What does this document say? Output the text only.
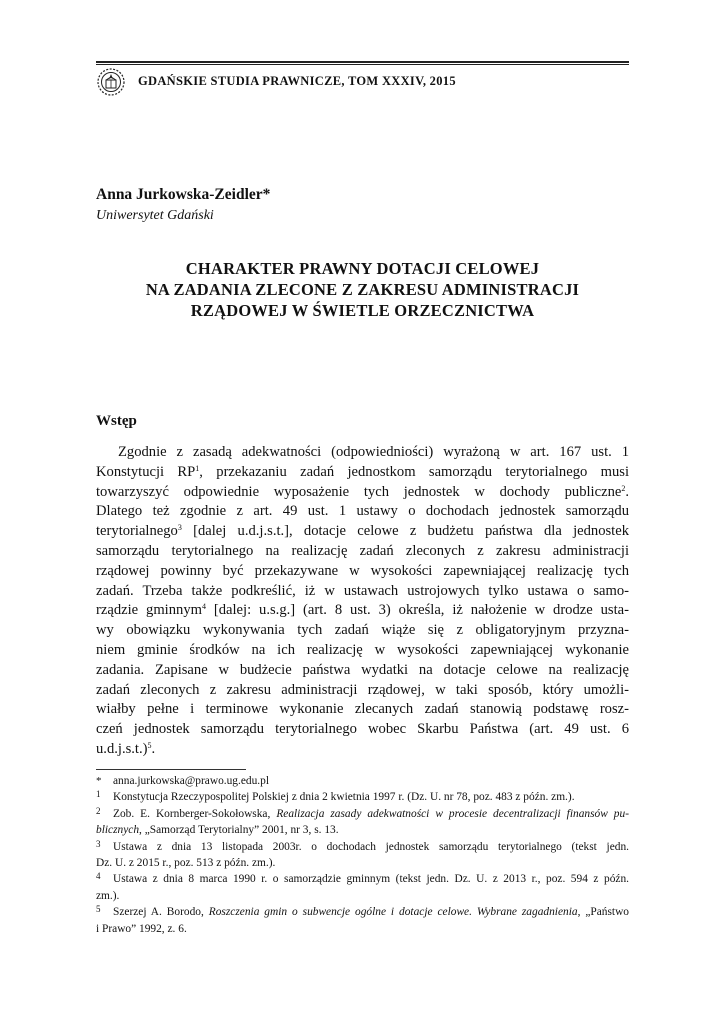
GDAŃSKIE STUDIA PRAWNICZE, TOM XXXIV, 2015
Anna Jurkowska-Zeidler*
Uniwersytet Gdański
CHARAKTER PRAWNY DOTACJI CELOWEJ
NA ZADANIA ZLECONE Z ZAKRESU ADMINISTRACJI
RZĄDOWEJ W ŚWIETLE ORZECZNICTWA
Wstęp
Zgodnie z zasadą adekwatności (odpowiedniości) wyrażoną w art. 167 ust. 1
Konstytucji $RP^1$, przekazaniu zadań jednostkom samorządu terytorialnego musi
towarzyszyć odpowiednie wyposażenie tych jednostek w dochody publiczne$^2$.
Dlatego też zgodnie z art. 49 ust. 1 ustawy o dochodach jednostek samorządu
terytorialnego$^3$ [dalej u.d.j.s.t.], dotacje celowe z budżetu państwa dla jednostek
samorządu terytorialnego na realizację zadań zleconych z zakresu administracji
rządowej powinny być przekazywane w wysokości zapewniającej realizację tych
zadań. Trzeba także podkreślić, iż w ustawach ustrojowych tylko ustawa o samo-
rządzie gminnym$^4$ [dalej: u.s.g.] (art. 8 ust. 3) określa, iż nałożenie w drodze usta-
wy obowiązku wykonywania tych zadań wiąże się z obligatoryjnym przyzna-
niem gminie środków na ich realizację w wysokości zapewniającej wykonanie
zadania. Zapisane w budżecie państwa wydatki na dotacje celowe na realizację
zadań zleconych z zakresu administracji rządowej, w taki sposób, który umożli-
wiałby pełne i terminowe wykonanie zlecanych zadań stanowią podstawę rosz-
czeń jednostek samorządu terytorialnego wobec Skarbu Państwa (art. 49 ust. 6
u.d.j.s.t.)$^5$.
* anna.jurkowska@prawo.ug.edu.pl
1 Konstytucja Rzeczypospolitej Polskiej z dnia 2 kwietnia 1997 r. (Dz. U. nr 78, poz. 483 z późn. zm.).
2 Zob. E. Kornberger-Sokołowska, Realizacja zasady adekwatności w procesie decentralizacji finansów pu-
blicznych, „Samorząd Terytorialny” 2001, nr 3, s. 13.
3 Ustawa z dnia 13 listopada 2003r. o dochodach jednostek samorządu terytorialnego (tekst jedn.
Dz. U. z 2015 r., poz. 513 z późn. zm.).
4 Ustawa z dnia 8 marca 1990 r. o samorządzie gminnym (tekst jedn. Dz. U. z 2013 r., poz. 594 z późn.
zm.).
5 Szerzej A. Borodo, Roszczenia gmin o subwencje ogólne i dotacje celowe. Wybrane zagadnienia, „Państwo
i Prawo” 1992, z. 6.
